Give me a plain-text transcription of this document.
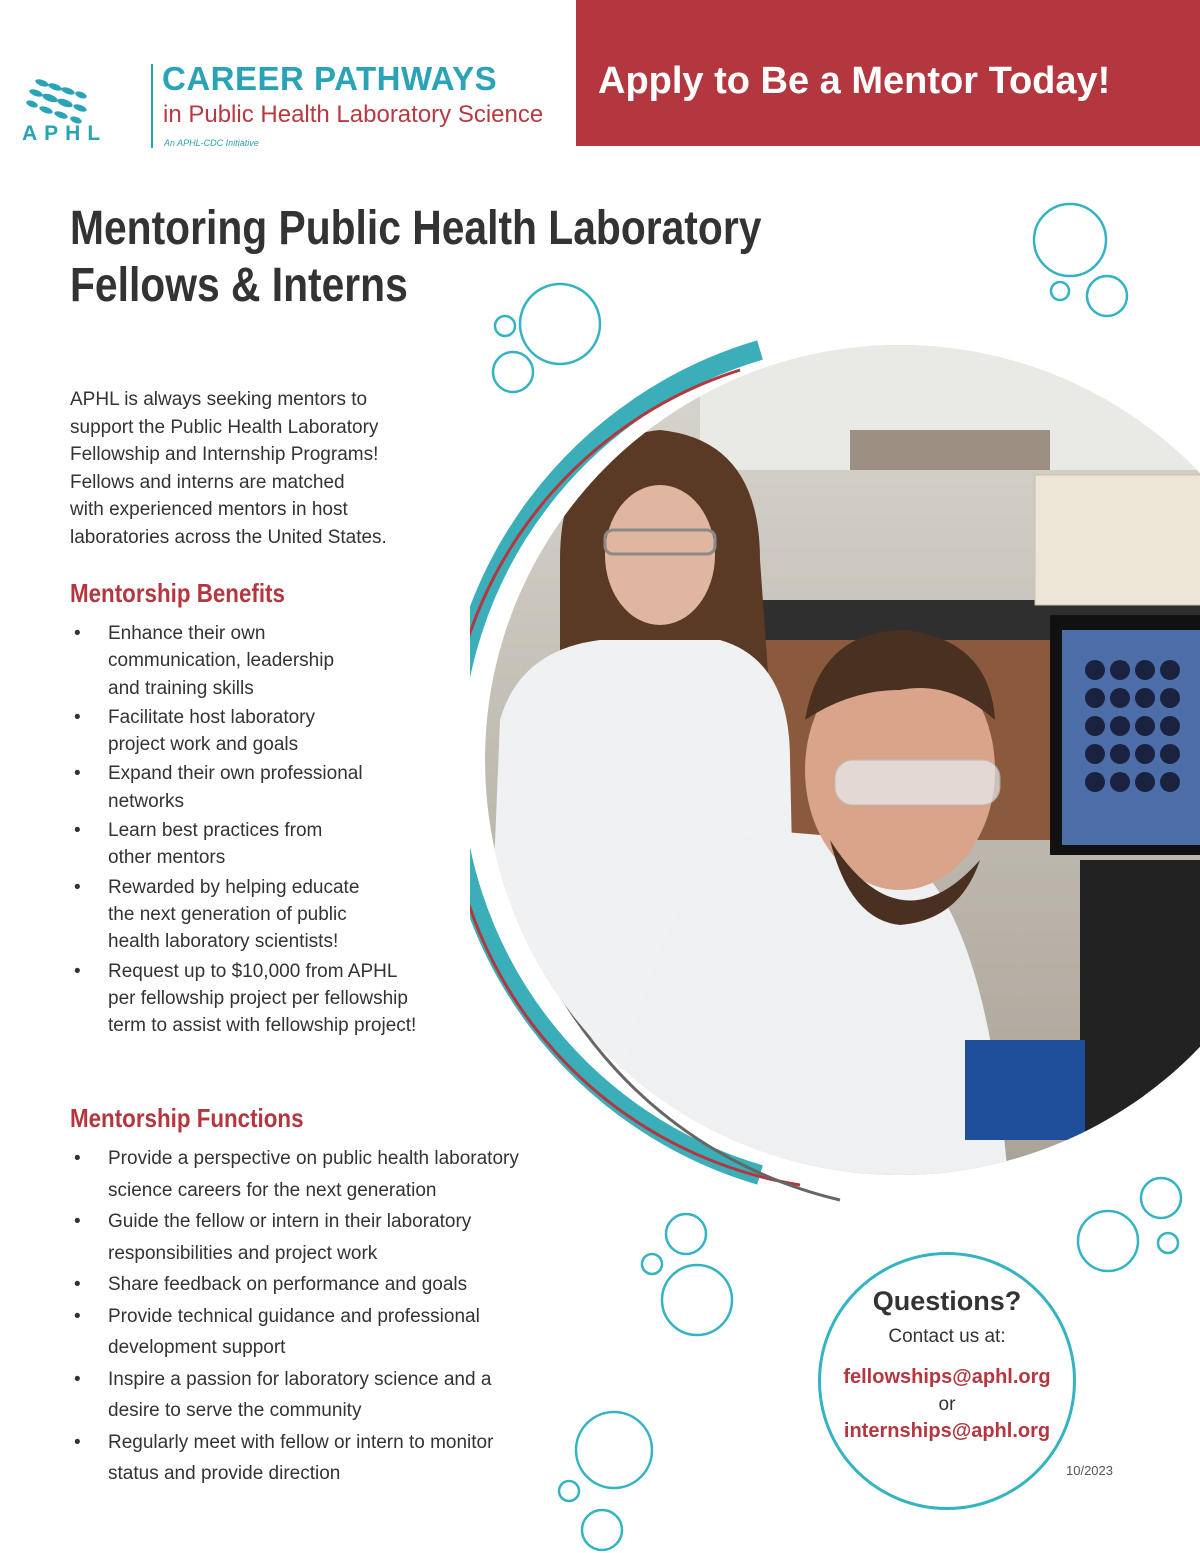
APHL
CAREER PATHWAYS
in Public Health Laboratory Science
An APHL-CDC Initiative
Apply to Be a Mentor Today!
Mentoring Public Health Laboratory
Fellows & Interns
APHL is always seeking mentors to
support the Public Health Laboratory
Fellowship and Internship Programs!
Fellows and interns are matched
with experienced mentors in host
laboratories across the United States.
Mentorship Benefits
• Enhance their own
communication, leadership
and training skills
• Facilitate host laboratory
project work and goals
• Expand their own professional
networks
• Learn best practices from
other mentors
• Rewarded by helping educate
the next generation of public
health laboratory scientists!
• Request up to $10,000 from APHL
per fellowship project per fellowship
term to assist with fellowship project!
Mentorship Functions
• Provide a perspective on public health laboratory
science careers for the next generation
• Guide the fellow or intern in their laboratory
responsibilities and project work
• Share feedback on performance and goals
• Provide technical guidance and professional
development support
• Inspire a passion for laboratory science and a
desire to serve the community
• Regularly meet with fellow or intern to monitor
status and provide direction
Questions?
Contact us at:
fellowships@aphl.org
or
internships@aphl.org
10/2023
